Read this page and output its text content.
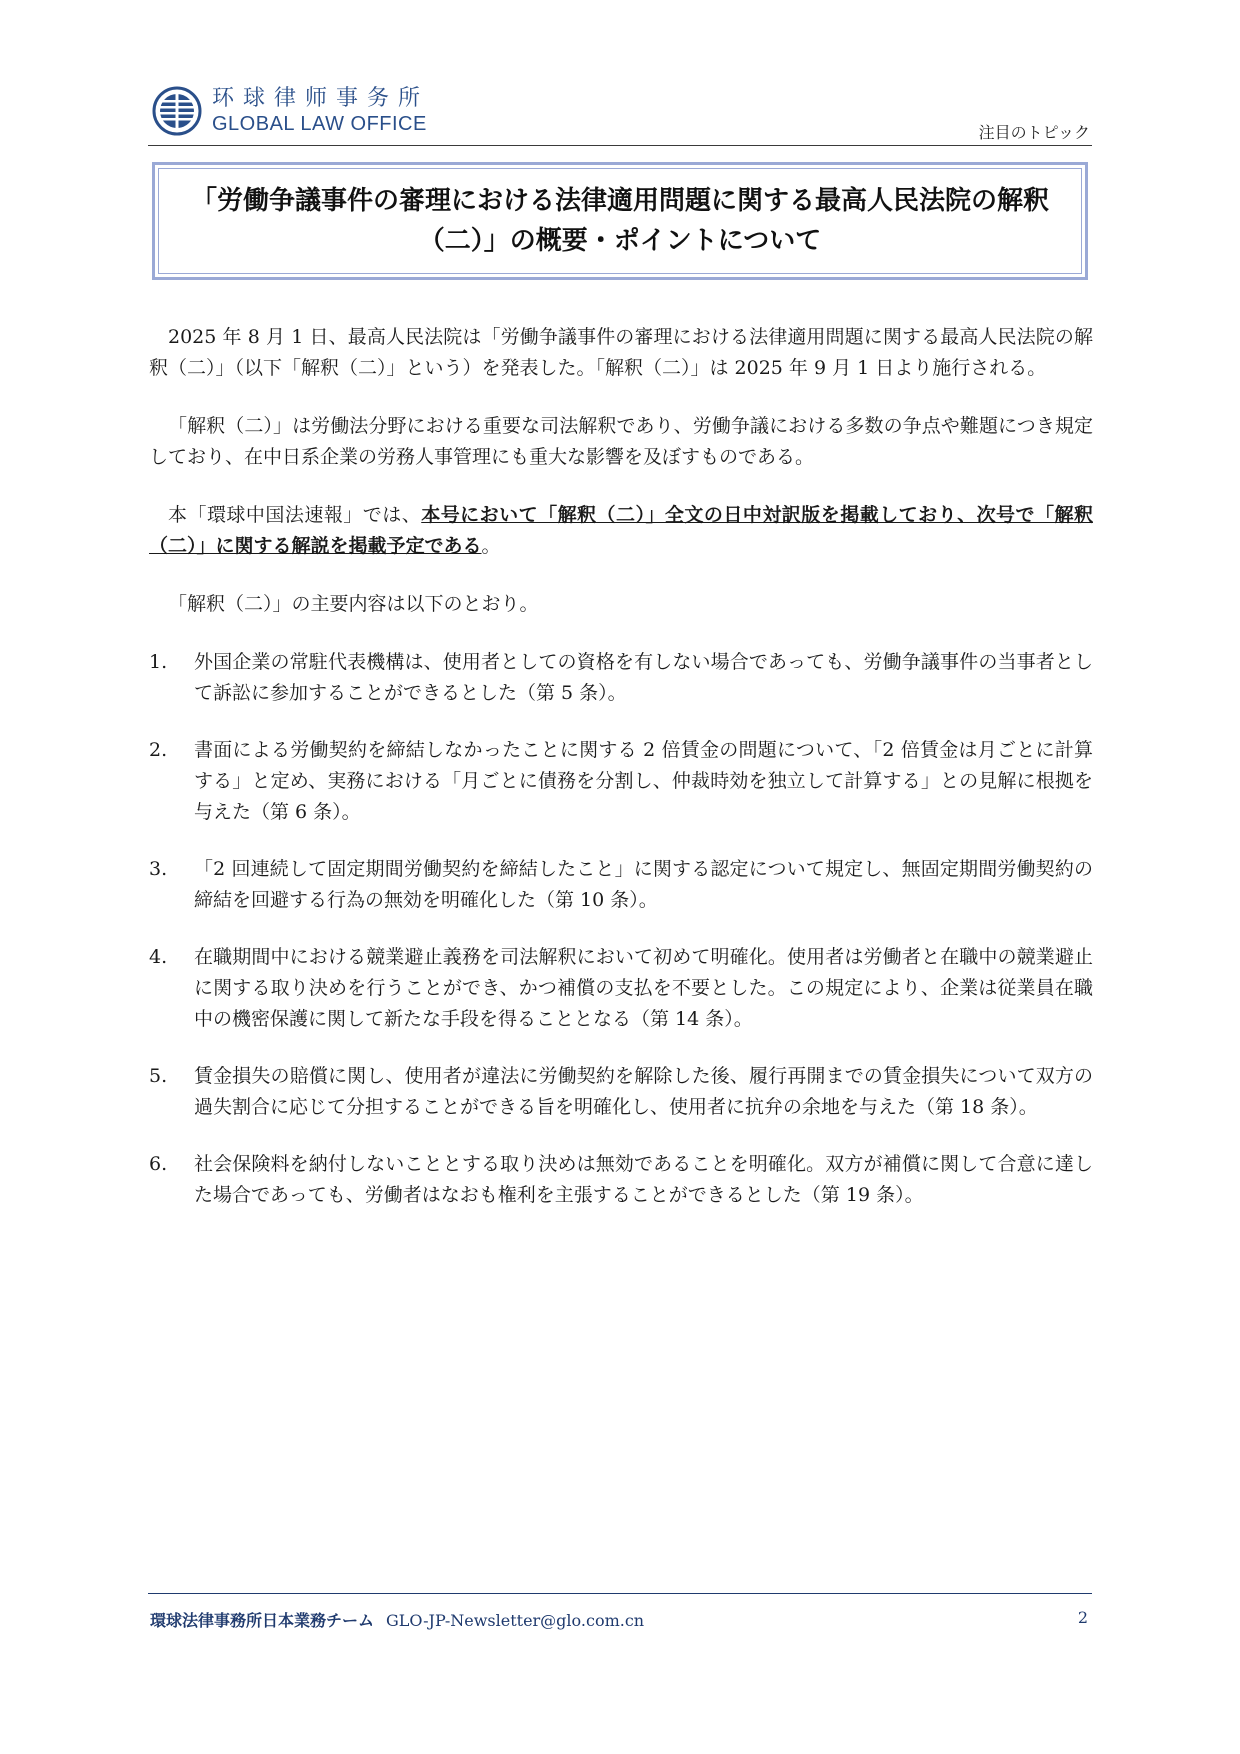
环球律师事务所
GLOBAL LAW OFFICE	注目のトピック
「労働争議事件の審理における法律適用問題に関する最高人民法院の解釈（二）」の概要・ポイントについて

2025 年 8 月 1 日、最高人民法院は「労働争議事件の審理における法律適用問題に関する最高人民法院の解釈（二）」（以下「解釈（二）」という）を発表した。「解釈（二）」は 2025 年 9 月 1 日より施行される。

「解釈（二）」は労働法分野における重要な司法解釈であり、労働争議における多数の争点や難題につき規定しており、在中日系企業の労務人事管理にも重大な影響を及ぼすものである。

本「環球中国法速報」では、本号において「解釈（二）」全文の日中対訳版を掲載しており、次号で「解釈（二）」に関する解説を掲載予定である。

「解釈（二）」の主要内容は以下のとおり。

1.	外国企業の常駐代表機構は、使用者としての資格を有しない場合であっても、労働争議事件の当事者として訴訟に参加することができるとした（第 5 条）。
2.	書面による労働契約を締結しなかったことに関する 2 倍賃金の問題について、「2 倍賃金は月ごとに計算する」と定め、実務における「月ごとに債務を分割し、仲裁時効を独立して計算する」との見解に根拠を与えた（第 6 条）。
3.	「2 回連続して固定期間労働契約を締結したこと」に関する認定について規定し、無固定期間労働契約の締結を回避する行為の無効を明確化した（第 10 条）。
4.	在職期間中における競業避止義務を司法解釈において初めて明確化。使用者は労働者と在職中の競業避止に関する取り決めを行うことができ、かつ補償の支払を不要とした。この規定により、企業は従業員在職中の機密保護に関して新たな手段を得ることとなる（第 14 条）。
5.	賃金損失の賠償に関し、使用者が違法に労働契約を解除した後、履行再開までの賃金損失について双方の過失割合に応じて分担することができる旨を明確化し、使用者に抗弁の余地を与えた（第 18 条）。
6.	社会保険料を納付しないこととする取り決めは無効であることを明確化。双方が補償に関して合意に達した場合であっても、労働者はなおも権利を主張することができるとした（第 19 条）。
環球法律事務所日本業務チーム GLO-JP-Newsletter@glo.com.cn	2
